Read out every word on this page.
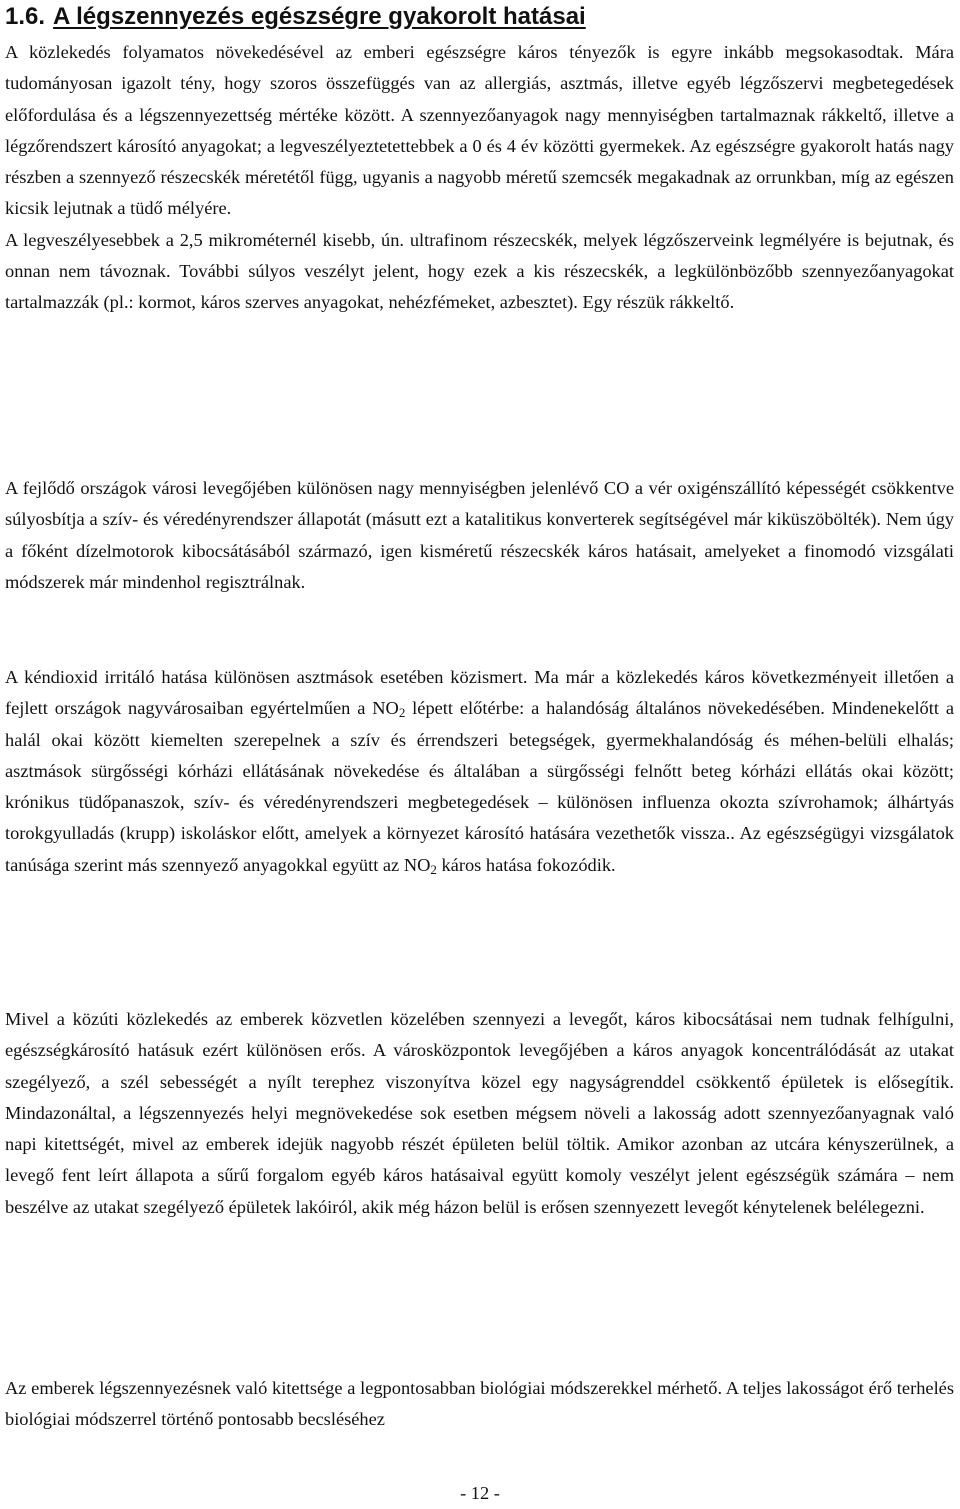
1.6. A légszennyezés egészségre gyakorolt hatásai
A közlekedés folyamatos növekedésével az emberi egészségre káros tényezők is egyre inkább megsokasodtak. Mára tudományosan igazolt tény, hogy szoros összefüggés van az allergiás, asztmás, illetve egyéb légzőszervi megbetegedések előfordulása és a légszennyezettség mértéke között. A szennyezőanyagok nagy mennyiségben tartalmaznak rákkeltő, illetve a légzőrendszert károsító anyagokat; a legveszélyeztetettebbek a 0 és 4 év közötti gyermekek. Az egészségre gyakorolt hatás nagy részben a szennyező részecskék méretétől függ, ugyanis a nagyobb méretű szemcsék megakadnak az orrunkban, míg az egészen kicsik lejutnak a tüdő mélyére.
A legveszélyesebbek a 2,5 mikrométernél kisebb, ún. ultrafinom részecskék, melyek légzőszerveink legmélyére is bejutnak, és onnan nem távoznak. További súlyos veszélyt jelent, hogy ezek a kis részecskék, a legkülönbözőbb szennyezőanyagokat tartalmazzák (pl.: kormot, káros szerves anyagokat, nehézfémeket, azbesztet). Egy részük rákkeltő.
A fejlődő országok városi levegőjében különösen nagy mennyiségben jelenlévő CO a vér oxigénszállító képességét csökkentve súlyosbítja a szív- és véredényrendszer állapotát (másutt ezt a katalitikus konverterek segítségével már kiküszöbölték). Nem úgy a főként dízelmotorok kibocsátásából származó, igen kisméretű részecskék káros hatásait, amelyeket a finomodó vizsgálati módszerek már mindenhol regisztrálnak.
A kéndioxid irritáló hatása különösen asztmások esetében közismert. Ma már a közlekedés káros következményeit illetően a fejlett országok nagyvárosaiban egyértelműen a $NO_2$ lépett előtérbe: a halandóság általános növekedésében. Mindenekelőtt a halál okai között kiemelten szerepelnek a szív és érrendszeri betegségek, gyermekhalandóság és méhen-belüli elhalás; asztmások sürgősségi kórházi ellátásának növekedése és általában a sürgősségi felnőtt beteg kórházi ellátás okai között; krónikus tüdőpanaszok, szív- és véredényrendszeri megbetegedések – különösen influenza okozta szívrohamok; álhártyás torokgyulladás (krupp) iskoláskor előtt, amelyek a környezet károsító hatására vezethetők vissza.. Az egészségügyi vizsgálatok tanúsága szerint más szennyező anyagokkal együtt az $NO_2$ káros hatása fokozódik.
Mivel a közúti közlekedés az emberek közvetlen közelében szennyezi a levegőt, káros kibocsátásai nem tudnak felhígulni, egészségkárosító hatásuk ezért különösen erős. A városközpontok levegőjében a káros anyagok koncentrálódását az utakat szegélyező, a szél sebességét a nyílt terephez viszonyítva közel egy nagyságrenddel csökkentő épületek is elősegítik. Mindazonáltal, a légszennyezés helyi megnövekedése sok esetben mégsem növeli a lakosság adott szennyezőanyagnak való napi kitettségét, mivel az emberek idejük nagyobb részét épületen belül töltik. Amikor azonban az utcára kényszerülnek, a levegő fent leírt állapota a sűrű forgalom egyéb káros hatásaival együtt komoly veszélyt jelent egészségük számára – nem beszélve az utakat szegélyező épületek lakóiról, akik még házon belül is erősen szennyezett levegőt kénytelenek belélegezni.
Az emberek légszennyezésnek való kitettsége a legpontosabban biológiai módszerekkel mérhető. A teljes lakosságot érő terhelés biológiai módszerrel történő pontosabb becsléséhez
- 12 -
